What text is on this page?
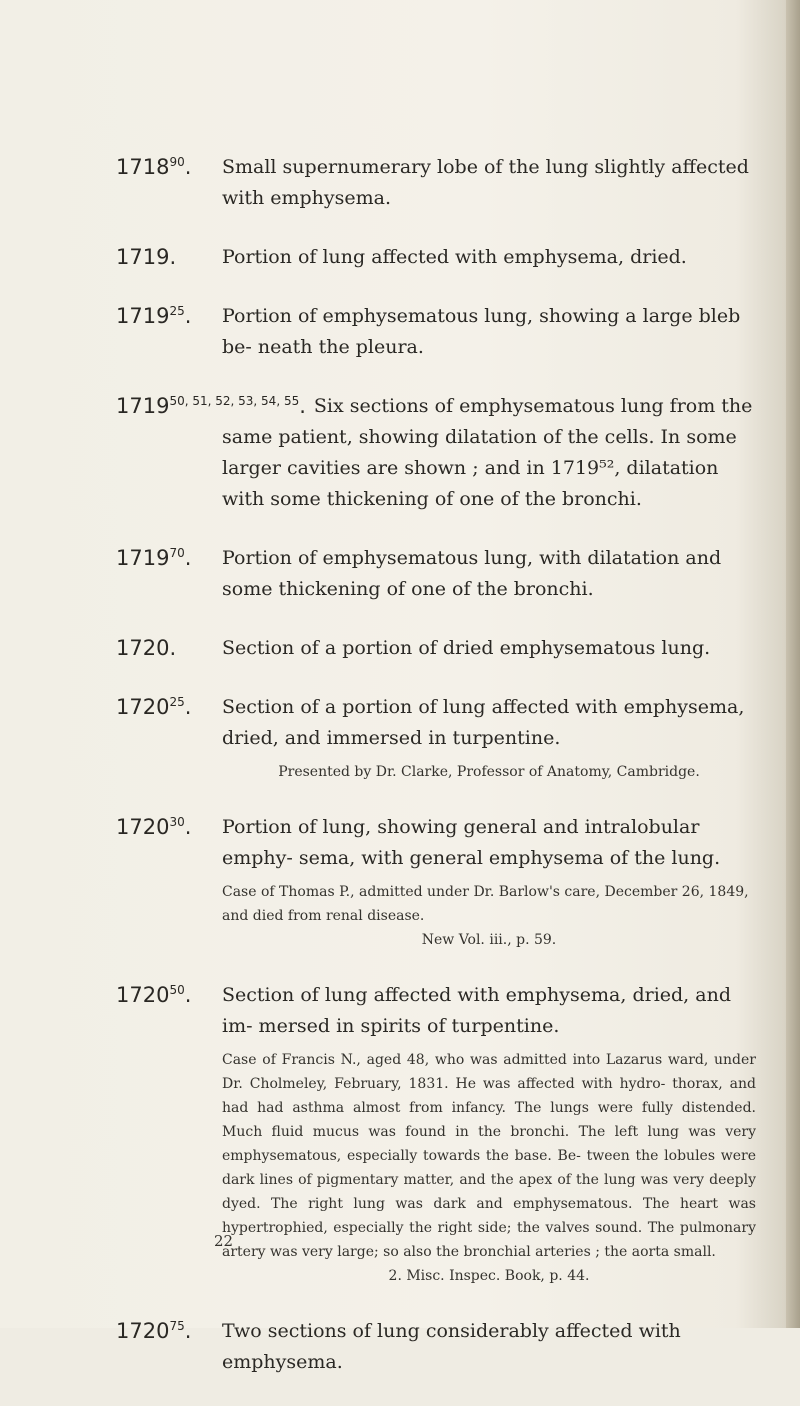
1718$^{90}$.	Small supernumerary lobe of the lung slightly affected with emphysema.
1719.	Portion of lung affected with emphysema, dried.
1719$^{25}$.	Portion of emphysematous lung, showing a large bleb be- neath the pleura.
1719$^{50, 51, 52, 53, 54, 55}$. Six sections of emphysematous lung from the same patient, showing dilatation of the cells. In some larger cavities are shown ; and in 1719⁵², dilatation with some thickening of one of the bronchi.
1719$^{70}$.	Portion of emphysematous lung, with dilatation and some thickening of one of the bronchi.
1720.	Section of a portion of dried emphysematous lung.
1720$^{25}$.	Section of a portion of lung affected with emphysema, dried, and immersed in turpentine.
Presented by Dr. Clarke, Professor of Anatomy, Cambridge.
1720$^{30}$.	Portion of lung, showing general and intralobular emphy- sema, with general emphysema of the lung.
Case of Thomas P., admitted under Dr. Barlow's care, December 26, 1849, and died from renal disease.
New Vol. iii., p. 59.
1720$^{50}$.	Section of lung affected with emphysema, dried, and im- mersed in spirits of turpentine.
Case of Francis N., aged 48, who was admitted into Lazarus ward, under Dr. Cholmeley, February, 1831. He was affected with hydro- thorax, and had had asthma almost from infancy. The lungs were fully distended. Much fluid mucus was found in the bronchi. The left lung was very emphysematous, especially towards the base. Be- tween the lobules were dark lines of pigmentary matter, and the apex of the lung was very deeply dyed. The right lung was dark and emphysematous. The heart was hypertrophied, especially the right side; the valves sound. The pulmonary artery was very large; so also the bronchial arteries ; the aorta small.
2. Misc. Inspec. Book, p. 44.
1720$^{75}$.	Two sections of lung considerably affected with emphysema.
22
